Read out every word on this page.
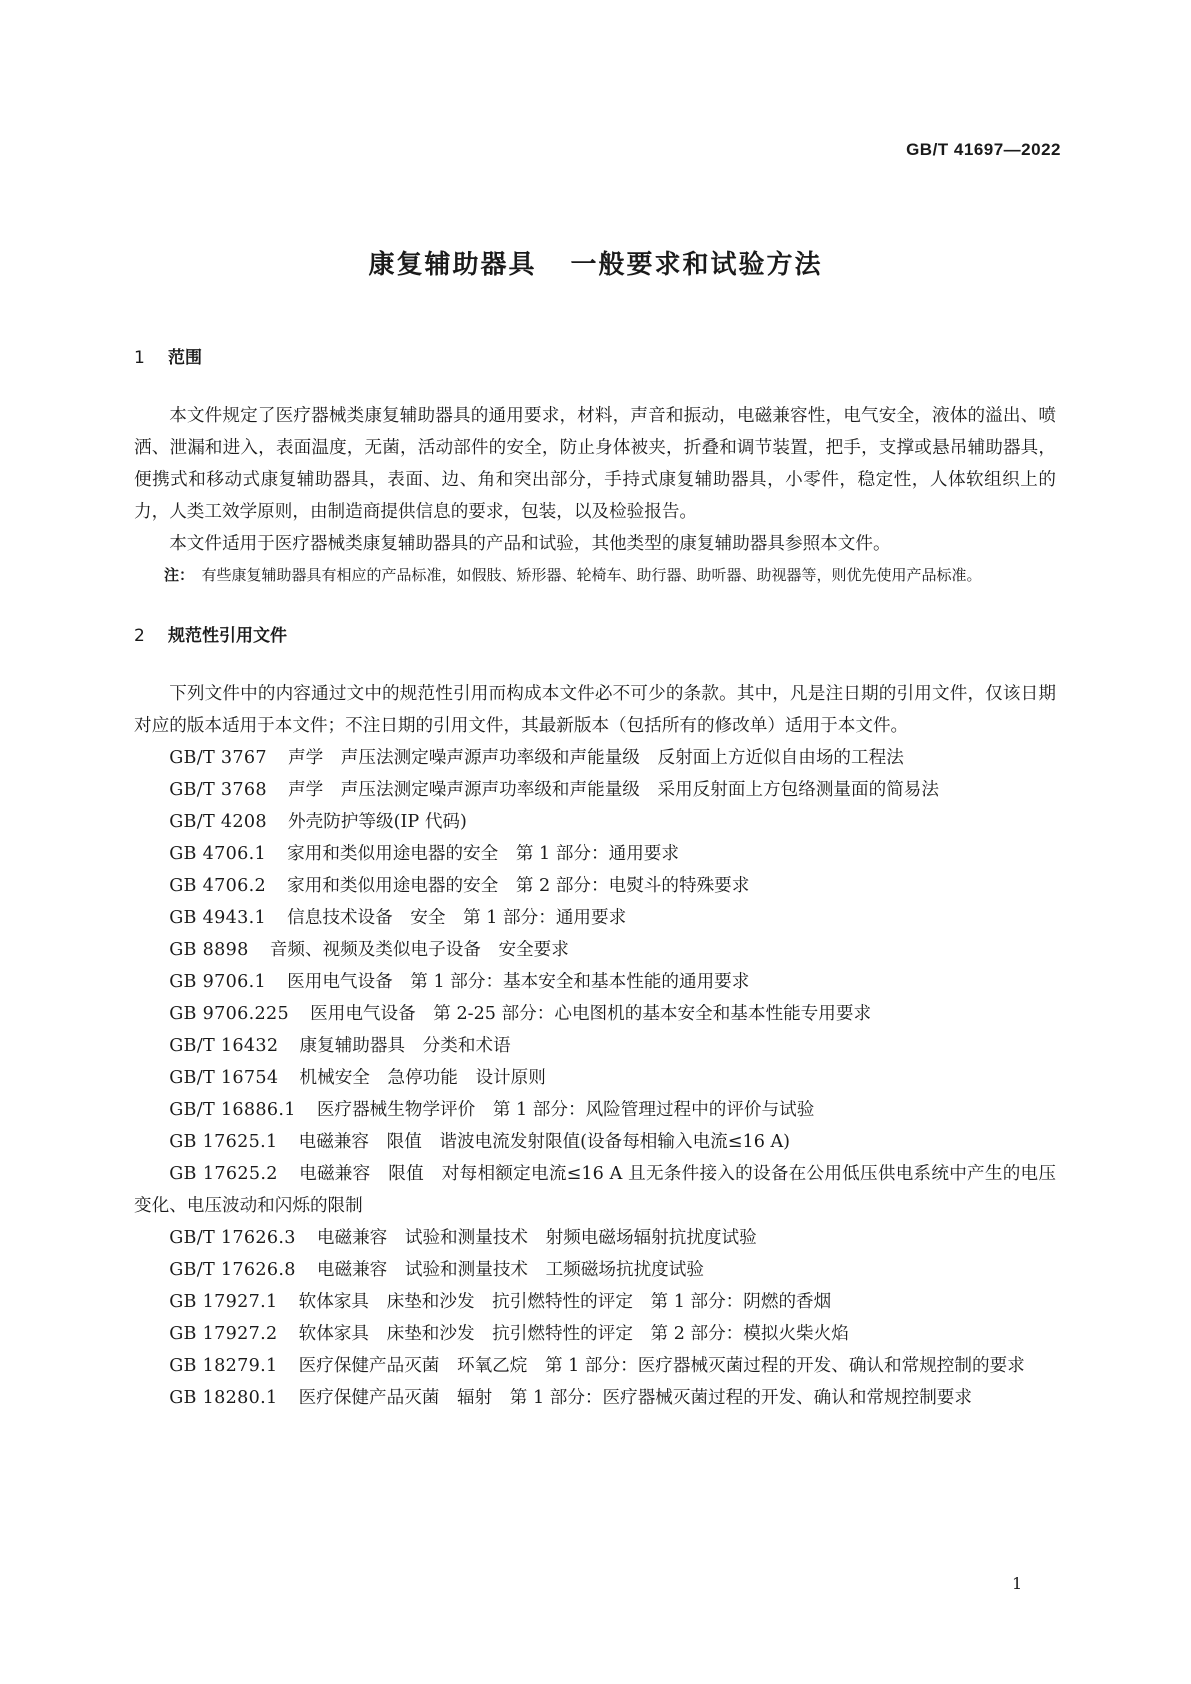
GB/T 41697—2022
康复辅助器具 一般要求和试验方法
1 范围

本文件规定了医疗器械类康复辅助器具的通用要求，材料，声音和振动，电磁兼容性，电气安全，液体的溢出、喷洒、泄漏和进入，表面温度，无菌，活动部件的安全，防止身体被夹，折叠和调节装置，把手，支撑或悬吊辅助器具，便携式和移动式康复辅助器具，表面、边、角和突出部分，手持式康复辅助器具，小零件，稳定性，人体软组织上的力，人类工效学原则，由制造商提供信息的要求，包装，以及检验报告。

本文件适用于医疗器械类康复辅助器具的产品和试验，其他类型的康复辅助器具参照本文件。

注： 有些康复辅助器具有相应的产品标准，如假肢、矫形器、轮椅车、助行器、助听器、助视器等，则优先使用产品标准。
2 规范性引用文件

下列文件中的内容通过文中的规范性引用而构成本文件必不可少的条款。其中，凡是注日期的引用文件，仅该日期对应的版本适用于本文件；不注日期的引用文件，其最新版本（包括所有的修改单）适用于本文件。

GB/T 3767 声学　声压法测定噪声源声功率级和声能量级　反射面上方近似自由场的工程法

GB/T 3768 声学　声压法测定噪声源声功率级和声能量级　采用反射面上方包络测量面的简易法

GB/T 4208 外壳防护等级(IP 代码)

GB 4706.1 家用和类似用途电器的安全　第 1 部分：通用要求

GB 4706.2 家用和类似用途电器的安全　第 2 部分：电熨斗的特殊要求

GB 4943.1 信息技术设备　安全　第 1 部分：通用要求

GB 8898 音频、视频及类似电子设备　安全要求

GB 9706.1 医用电气设备　第 1 部分：基本安全和基本性能的通用要求

GB 9706.225 医用电气设备　第 2-25 部分：心电图机的基本安全和基本性能专用要求

GB/T 16432 康复辅助器具　分类和术语

GB/T 16754 机械安全　急停功能　设计原则

GB/T 16886.1 医疗器械生物学评价　第 1 部分：风险管理过程中的评价与试验

GB 17625.1 电磁兼容　限值　谐波电流发射限值(设备每相输入电流≤16 A)

GB 17625.2 电磁兼容　限值　对每相额定电流≤16 A 且无条件接入的设备在公用低压供电系统中产生的电压变化、电压波动和闪烁的限制

GB/T 17626.3 电磁兼容　试验和测量技术　射频电磁场辐射抗扰度试验

GB/T 17626.8 电磁兼容　试验和测量技术　工频磁场抗扰度试验

GB 17927.1 软体家具　床垫和沙发　抗引燃特性的评定　第 1 部分：阴燃的香烟

GB 17927.2 软体家具　床垫和沙发　抗引燃特性的评定　第 2 部分：模拟火柴火焰

GB 18279.1 医疗保健产品灭菌　环氧乙烷　第 1 部分：医疗器械灭菌过程的开发、确认和常规控制的要求

GB 18280.1 医疗保健产品灭菌　辐射　第 1 部分：医疗器械灭菌过程的开发、确认和常规控制要求

1
